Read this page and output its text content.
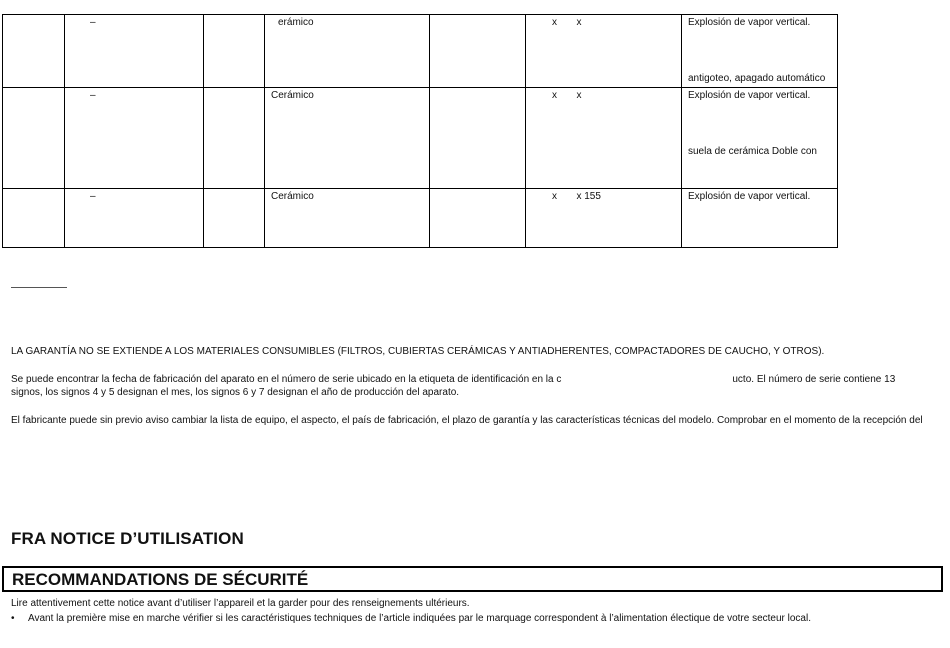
	–		erámico		x       x	Explosión de vapor vertical.
antigoteo, apagado automático

	–		Cerámico		x       x	Explosión de vapor vertical.
suela de cerámica Doble con

	–		Cerámico		x       x 155	Explosión de vapor vertical.

LA GARANTÍA NO SE EXTIENDE A LOS MATERIALES CONSUMIBLES (FILTROS, CUBIERTAS CERÁMICAS Y ANTIADHERENTES, COMPACTADORES DE CAUCHO, Y OTROS).

Se puede encontrar la fecha de fabricación del aparato en el número de serie ubicado en la etiqueta de identificación en la c	ucto. El número de serie contiene 13

signos, los signos 4 y 5 designan el mes, los signos 6 y 7 designan el año de producción del aparato.

El fabricante puede sin previo aviso cambiar la lista de equipo, el aspecto, el país de fabricación, el plazo de garantía y las características técnicas del modelo. Comprobar en el momento de la recepción del

FRA NOTICE D’UTILISATION
RECOMMANDATIONS DE SÉCURITÉ

Lire attentivement cette notice avant d’utiliser l’appareil et la garder pour des renseignements ultérieurs.

• Avant la première mise en marche vérifier si les caractéristiques techniques de l’article indiquées par le marquage correspondent à l’alimentation électique de votre secteur local.
